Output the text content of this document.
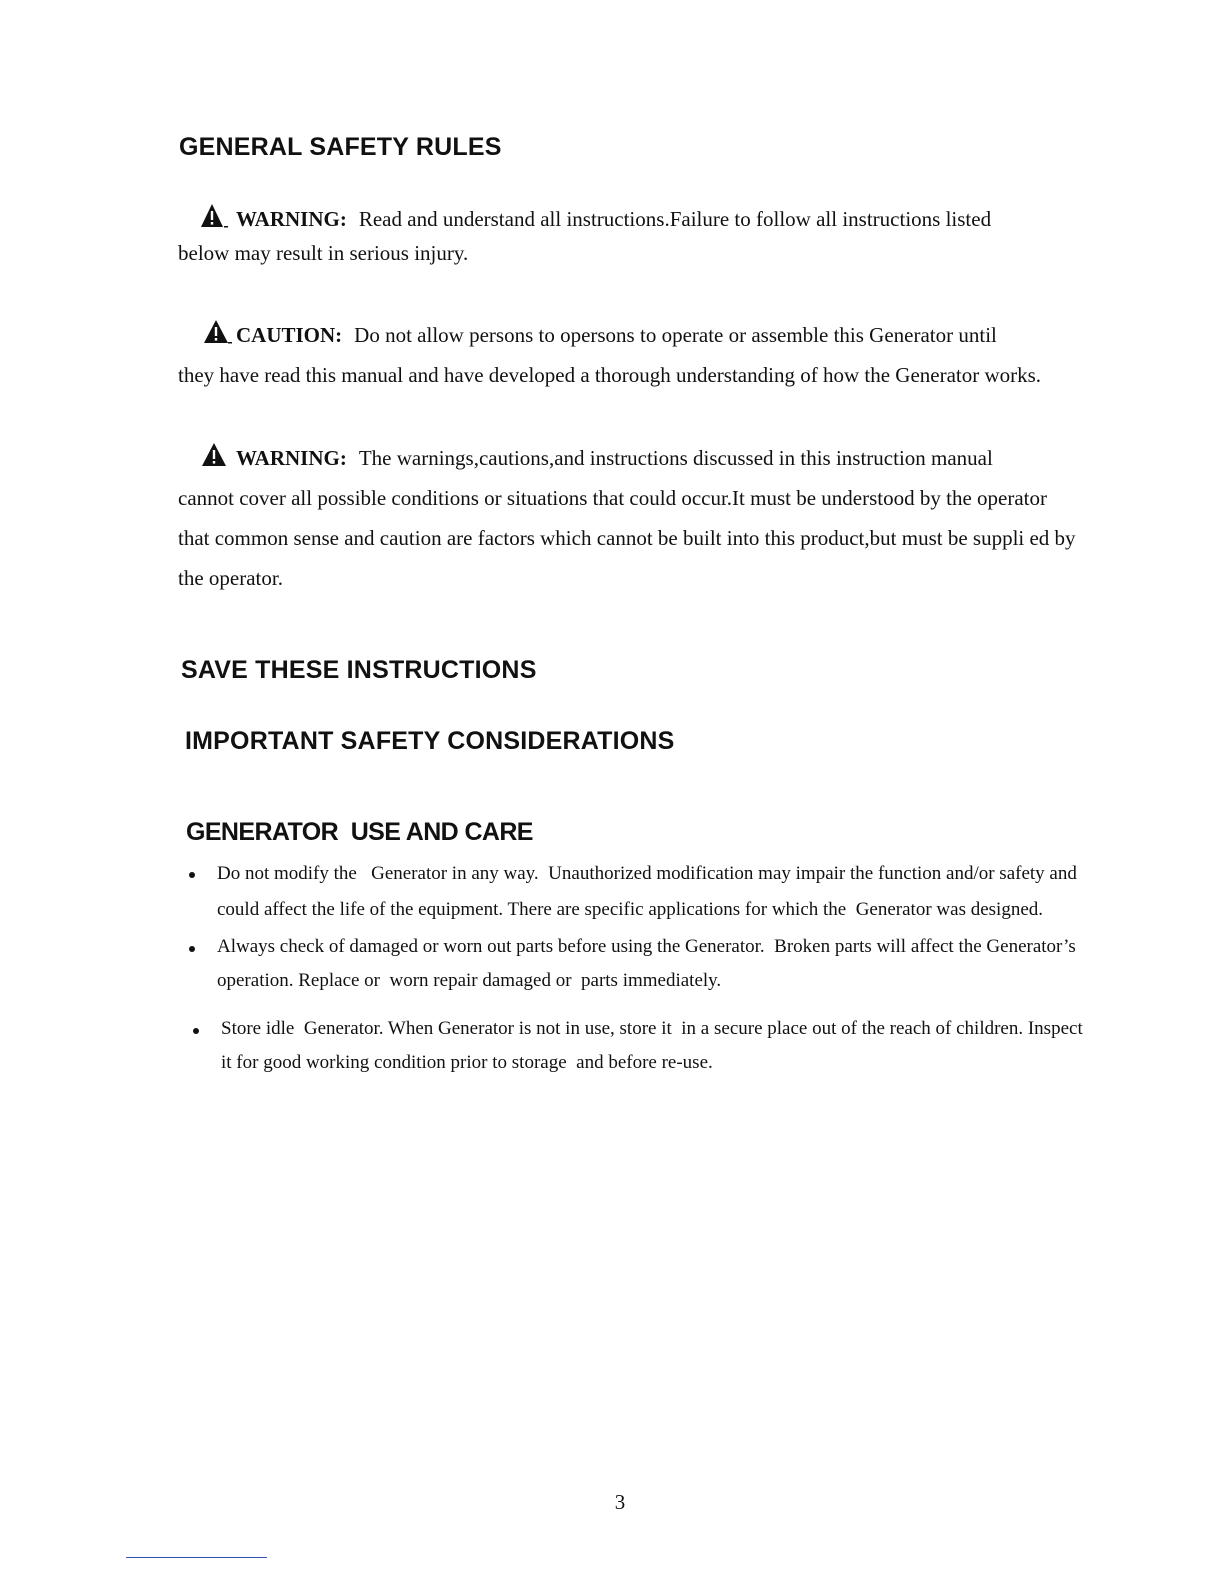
GENERAL SAFETY RULES
WARNING: Read and understand all instructions.Failure to follow all instructions listed
below may result in serious injury.
CAUTION: Do not allow persons to opersons to operate or assemble this Generator until
they have read this manual and have developed a thorough understanding of how the Generator works.
WARNING: The warnings,cautions,and instructions discussed in this instruction manual
cannot cover all possible conditions or situations that could occur.It must be understood by the operator that common sense and caution are factors which cannot be built into this product,but must be suppli ed by the operator.
SAVE THESE INSTRUCTIONS
IMPORTANT SAFETY CONSIDERATIONS
GENERATOR  USE AND CARE
Do not modify the   Generator in any way.  Unauthorized modification may impair the function and/or safety and could affect the life of the equipment. There are specific applications for which the  Generator was designed.
Always check of damaged or worn out parts before using the Generator.  Broken parts will affect the Generator’s operation. Replace or  worn repair damaged or  parts immediately.
Store idle  Generator. When Generator is not in use, store it  in a secure place out of the reach of children. Inspect it for good working condition prior to storage  and before re-use.
3
